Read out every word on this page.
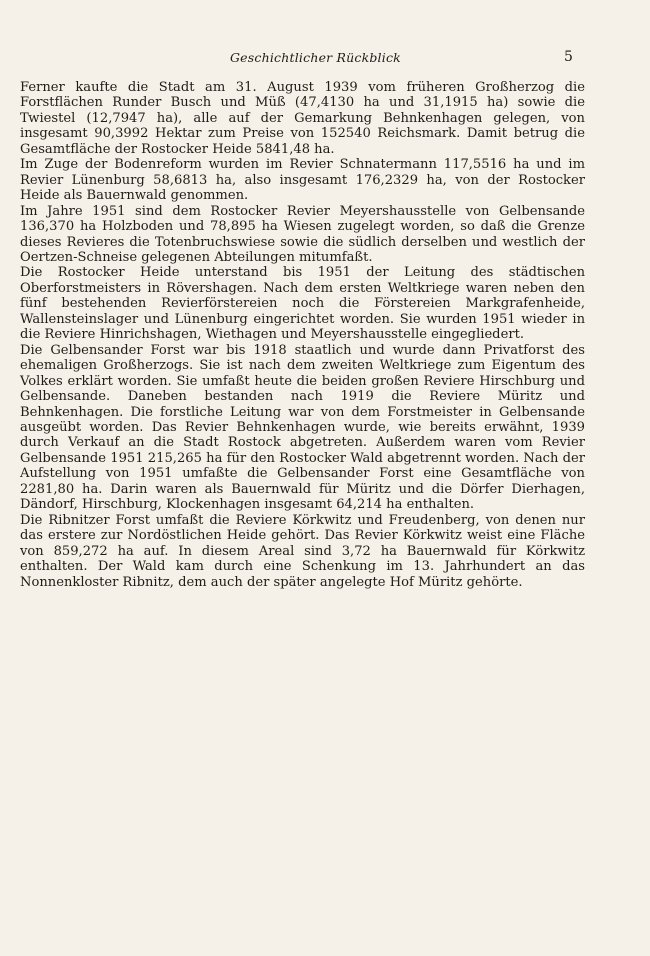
Geschichtlicher Rückblick	5

Ferner kaufte die Stadt am 31. August 1939 vom früheren Großherzog die Forstflächen Runder Busch und Müß (47,4130 ha und 31,1915 ha) sowie die Twiestel (12,7947 ha), alle auf der Gemarkung Behnkenhagen gelegen, von insgesamt 90,3992 Hektar zum Preise von 152540 Reichsmark. Damit betrug die Gesamtfläche der Rostocker Heide 5841,48 ha.

Im Zuge der Bodenreform wurden im Revier Schnatermann 117,5516 ha und im Revier Lünenburg 58,6813 ha, also insgesamt 176,2329 ha, von der Rostocker Heide als Bauernwald genommen.

Im Jahre 1951 sind dem Rostocker Revier Meyershausstelle von Gelbensande 136,370 ha Holzboden und 78,895 ha Wiesen zugelegt worden, so daß die Grenze dieses Revieres die Totenbruchswiese sowie die südlich derselben und westlich der Oertzen-Schneise gelegenen Abteilungen mitumfaßt.

Die Rostocker Heide unterstand bis 1951 der Leitung des städtischen Oberforstmeisters in Rövershagen. Nach dem ersten Weltkriege waren neben den fünf bestehenden Revierförstereien noch die Förstereien Markgrafenheide, Wallensteinslager und Lünenburg eingerichtet worden. Sie wurden 1951 wieder in die Reviere Hinrichshagen, Wiethagen und Meyershausstelle eingegliedert.

Die Gelbensander Forst war bis 1918 staatlich und wurde dann Privatforst des ehemaligen Großherzogs. Sie ist nach dem zweiten Weltkriege zum Eigentum des Volkes erklärt worden. Sie umfaßt heute die beiden großen Reviere Hirschburg und Gelbensande. Daneben bestanden nach 1919 die Reviere Müritz und Behnkenhagen. Die forstliche Leitung war von dem Forstmeister in Gelbensande ausgeübt worden. Das Revier Behnkenhagen wurde, wie bereits erwähnt, 1939 durch Verkauf an die Stadt Rostock abgetreten. Außerdem waren vom Revier Gelbensande 1951 215,265 ha für den Rostocker Wald abgetrennt worden. Nach der Aufstellung von 1951 umfaßte die Gelbensander Forst eine Gesamtfläche von 2281,80 ha. Darin waren als Bauernwald für Müritz und die Dörfer Dierhagen, Dändorf, Hirschburg, Klockenhagen insgesamt 64,214 ha enthalten.

Die Ribnitzer Forst umfaßt die Reviere Körkwitz und Freudenberg, von denen nur das erstere zur Nordöstlichen Heide gehört. Das Revier Körkwitz weist eine Fläche von 859,272 ha auf. In diesem Areal sind 3,72 ha Bauernwald für Körkwitz enthalten. Der Wald kam durch eine Schenkung im 13. Jahrhundert an das Nonnenkloster Ribnitz, dem auch der später angelegte Hof Müritz gehörte.
